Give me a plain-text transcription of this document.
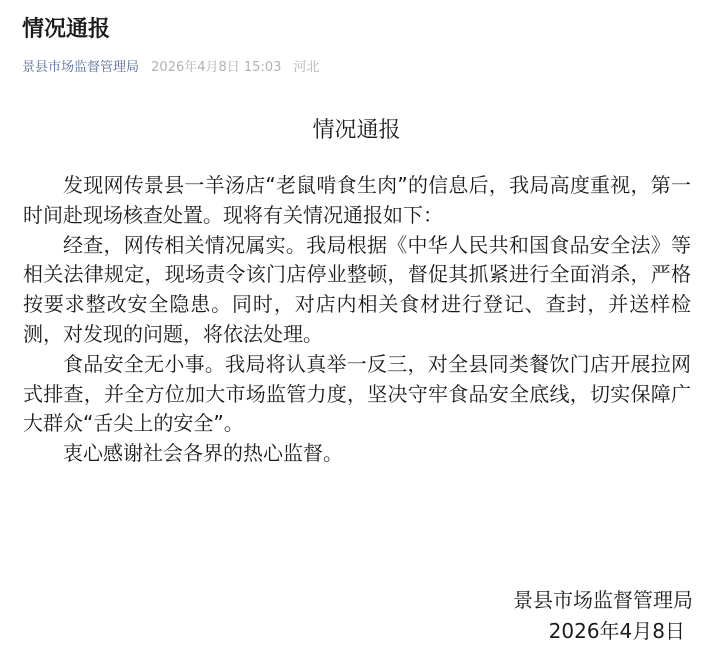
情况通报
景县市场监督管理局 2026年4月8日 15:03 河北
情况通报

发现网传景县一羊汤店“老鼠啃食生肉”的信息后，我局高度重视，第一时间赴现场核查处置。现将有关情况通报如下：

经查，网传相关情况属实。我局根据《中华人民共和国食品安全法》等相关法律规定，现场责令该门店停业整顿，督促其抓紧进行全面消杀，严格按要求整改安全隐患。同时，对店内相关食材进行登记、查封，并送样检测，对发现的问题，将依法处理。

食品安全无小事。我局将认真举一反三，对全县同类餐饮门店开展拉网式排查，并全方位加大市场监管力度，坚决守牢食品安全底线，切实保障广大群众“舌尖上的安全”。

衷心感谢社会各界的热心监督。

景县市场监督管理局
2026年4月8日
